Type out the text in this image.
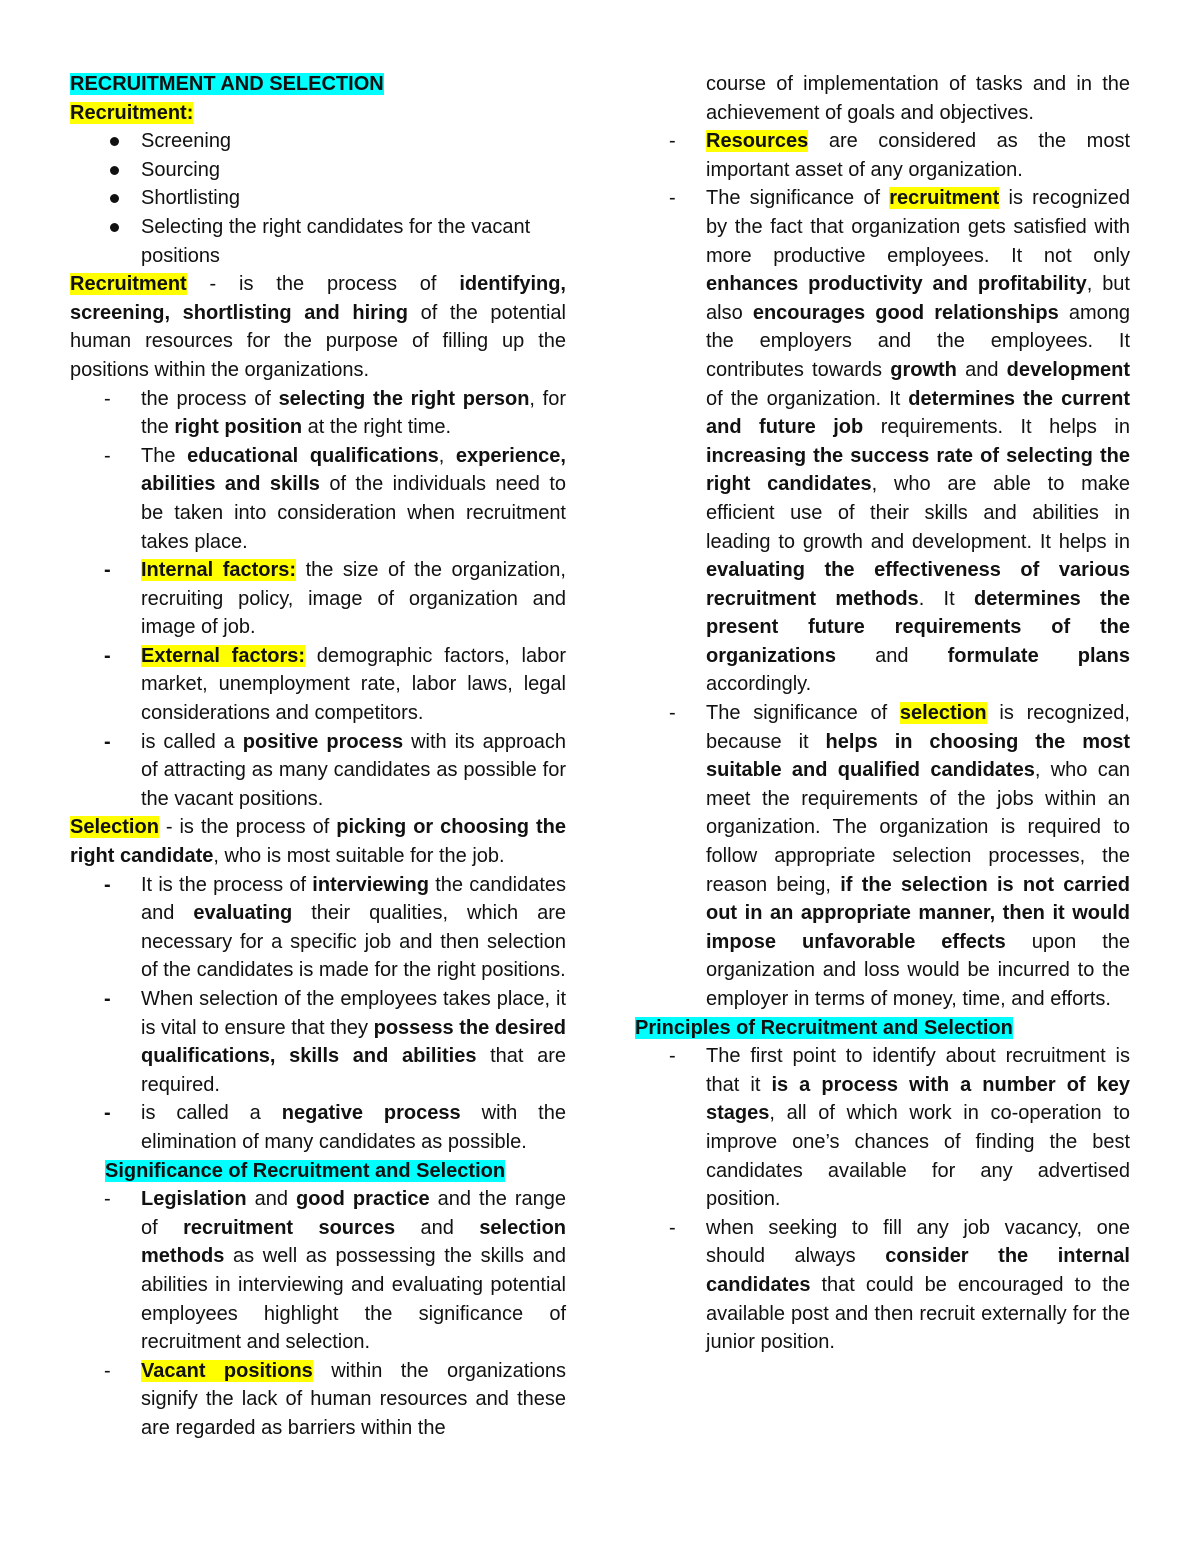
RECRUITMENT AND SELECTION

Recruitment:

Screening
Sourcing
Shortlisting
Selecting the right candidates for the vacant positions

Recruitment - is the process of identifying, screening, shortlisting and hiring of the potential human resources for the purpose of filling up the positions within the organizations.

- the process of selecting the right person, for the right position at the right time.
- The educational qualifications, experience, abilities and skills of the individuals need to be taken into consideration when recruitment takes place.
- Internal factors: the size of the organization, recruiting policy, image of organization and image of job.
- External factors: demographic factors, labor market, unemployment rate, labor laws, legal considerations and competitors.
- is called a positive process with its approach of attracting as many candidates as possible for the vacant positions.

Selection - is the process of picking or choosing the right candidate, who is most suitable for the job.

- It is the process of interviewing the candidates and evaluating their qualities, which are necessary for a specific job and then selection of the candidates is made for the right positions.
- When selection of the employees takes place, it is vital to ensure that they possess the desired qualifications, skills and abilities that are required.
- is called a negative process with the elimination of many candidates as possible.

Significance of Recruitment and Selection

- Legislation and good practice and the range of recruitment sources and selection methods as well as possessing the skills and abilities in interviewing and evaluating potential employees highlight the significance of recruitment and selection.
- Vacant positions within the organizations signify the lack of human resources and these are regarded as barriers within the
course of implementation of tasks and in the achievement of goals and objectives.
- Resources are considered as the most important asset of any organization.
- The significance of recruitment is recognized by the fact that organization gets satisfied with more productive employees. It not only enhances productivity and profitability, but also encourages good relationships among the employers and the employees. It contributes towards growth and development of the organization. It determines the current and future job requirements. It helps in increasing the success rate of selecting the right candidates, who are able to make efficient use of their skills and abilities in leading to growth and development. It helps in evaluating the effectiveness of various recruitment methods. It determines the present future requirements of the organizations and formulate plans accordingly.
- The significance of selection is recognized, because it helps in choosing the most suitable and qualified candidates, who can meet the requirements of the jobs within an organization. The organization is required to follow appropriate selection processes, the reason being, if the selection is not carried out in an appropriate manner, then it would impose unfavorable effects upon the organization and loss would be incurred to the employer in terms of money, time, and efforts.

Principles of Recruitment and Selection

- The first point to identify about recruitment is that it is a process with a number of key stages, all of which work in co-operation to improve one’s chances of finding the best candidates available for any advertised position.
- when seeking to fill any job vacancy, one should always consider the internal candidates that could be encouraged to the available post and then recruit externally for the junior position.
